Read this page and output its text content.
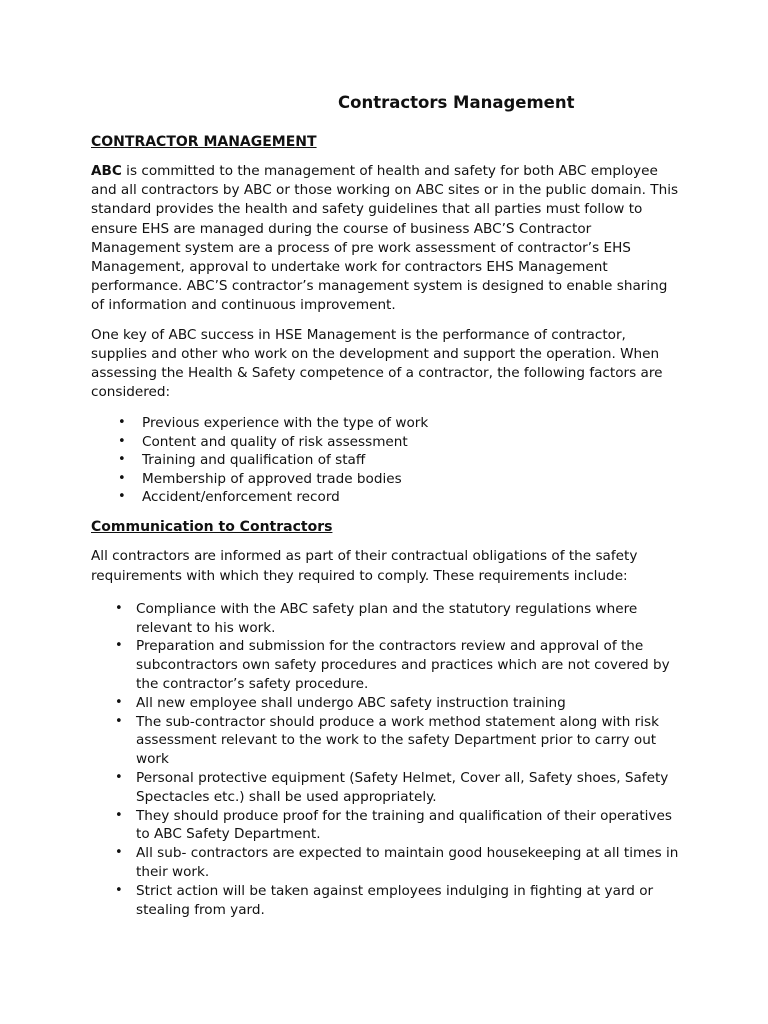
Contractors Management
CONTRACTOR MANAGEMENT

ABC is committed to the management of health and safety for both ABC employee and all contractors by ABC or those working on ABC sites or in the public domain. This standard provides the health and safety guidelines that all parties must follow to ensure EHS are managed during the course of business ABC’S Contractor Management system are a process of pre work assessment of contractor’s EHS Management, approval to undertake work for contractors EHS Management performance. ABC’S contractor’s management system is designed to enable sharing of information and continuous improvement.

One key of ABC success in HSE Management is the performance of contractor, supplies and other who work on the development and support the operation. When assessing the Health & Safety competence of a contractor, the following factors are considered:

• Previous experience with the type of work
• Content and quality of risk assessment
• Training and qualification of staff
• Membership of approved trade bodies
• Accident/enforcement record
Communication to Contractors

All contractors are informed as part of their contractual obligations of the safety requirements with which they required to comply. These requirements include:

• Compliance with the ABC safety plan and the statutory regulations where relevant to his work.
• Preparation and submission for the contractors review and approval of the subcontractors own safety procedures and practices which are not covered by the contractor’s safety procedure.
• All new employee shall undergo ABC safety instruction training
• The sub-contractor should produce a work method statement along with risk assessment relevant to the work to the safety Department prior to carry out work
• Personal protective equipment (Safety Helmet, Cover all, Safety shoes, Safety Spectacles etc.) shall be used appropriately.
• They should produce proof for the training and qualification of their operatives to ABC Safety Department.
• All sub- contractors are expected to maintain good housekeeping at all times in their work.
• Strict action will be taken against employees indulging in fighting at yard or stealing from yard.
